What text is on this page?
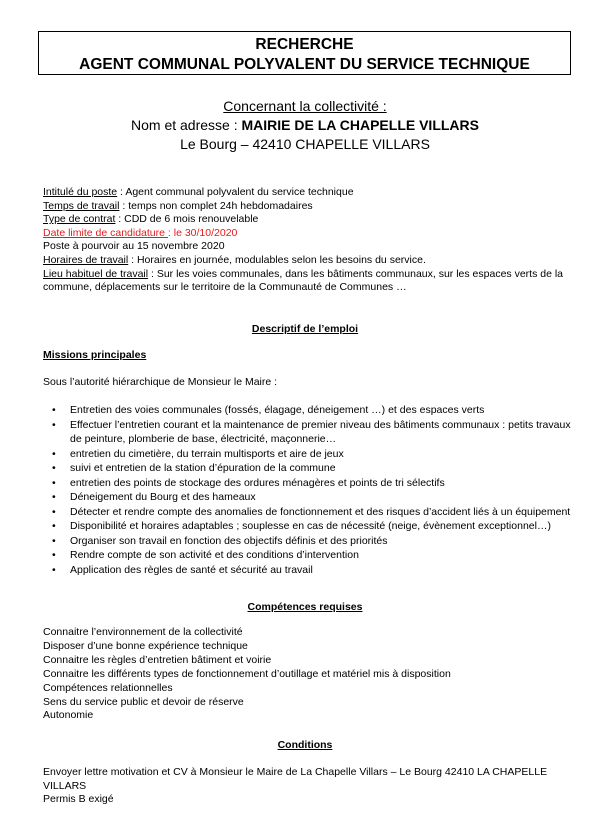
RECHERCHE
AGENT COMMUNAL POLYVALENT DU SERVICE TECHNIQUE
Concernant la collectivité :
Nom et adresse : MAIRIE DE LA CHAPELLE VILLARS
Le Bourg – 42410 CHAPELLE VILLARS
Intitulé du poste : Agent communal polyvalent du service technique
Temps de travail : temps non complet 24h hebdomadaires
Type de contrat : CDD de 6 mois renouvelable
Date limite de candidature : le 30/10/2020
Poste à pourvoir au 15 novembre 2020
Horaires de travail : Horaires en journée, modulables selon les besoins du service.
Lieu habituel de travail : Sur les voies communales, dans les bâtiments communaux, sur les espaces verts de la commune, déplacements sur le territoire de la Communauté de Communes …
Descriptif de l’emploi
Missions principales
Sous l’autorité hiérarchique de Monsieur le Maire :
• Entretien des voies communales (fossés, élagage, déneigement …) et des espaces verts
• Effectuer l’entretien courant et la maintenance de premier niveau des bâtiments communaux : petits travaux de peinture, plomberie de base, électricité, maçonnerie…
• entretien du cimetière, du terrain multisports et aire de jeux
• suivi et entretien de la station d’épuration de la commune
• entretien des points de stockage des ordures ménagères et points de tri sélectifs
• Déneigement du Bourg et des hameaux
• Détecter et rendre compte des anomalies de fonctionnement et des risques d’accident liés à un équipement
• Disponibilité et horaires adaptables ; souplesse en cas de nécessité (neige, évènement exceptionnel…)
• Organiser son travail en fonction des objectifs définis et des priorités
• Rendre compte de son activité et des conditions d’intervention
• Application des règles de santé et sécurité au travail
Compétences requises
Connaitre l’environnement de la collectivité
Disposer d’une bonne expérience technique
Connaitre les règles d’entretien bâtiment et voirie
Connaitre les différents types de fonctionnement d’outillage et matériel mis à disposition
Compétences relationnelles
Sens du service public et devoir de réserve
Autonomie
Conditions
Envoyer lettre motivation et CV à Monsieur le Maire de La Chapelle Villars – Le Bourg 42410 LA CHAPELLE VILLARS
Permis B exigé
